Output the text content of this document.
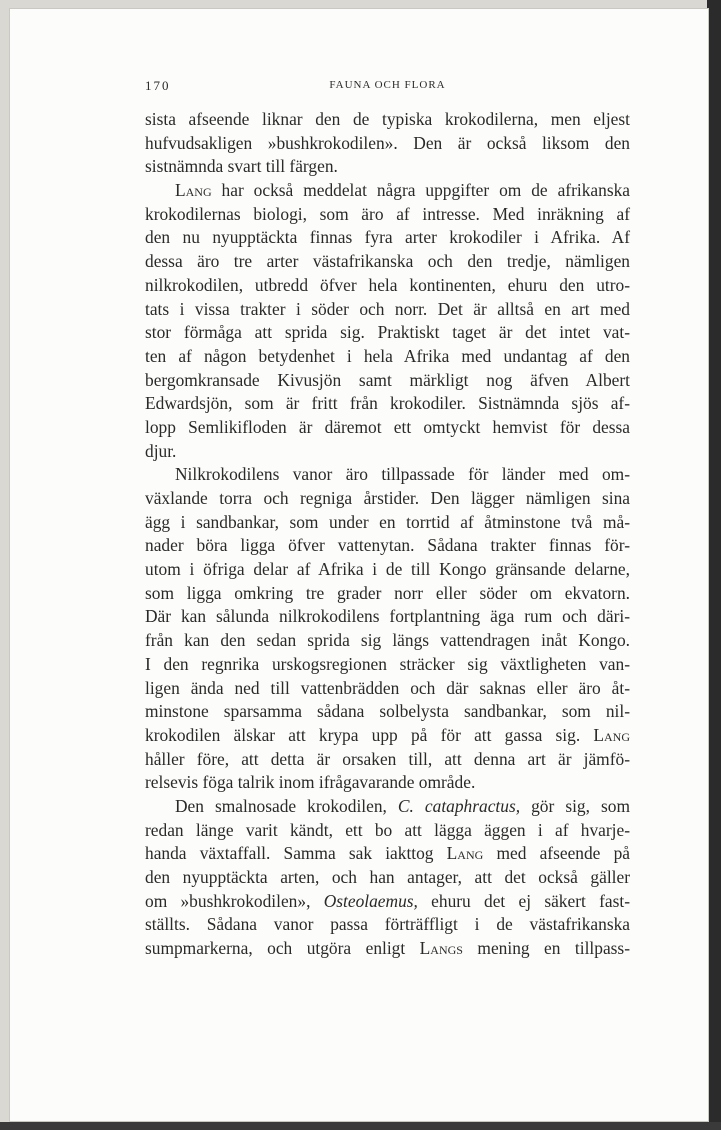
170	FAUNA OCH FLORA
sista afseende liknar den de typiska krokodilerna, men eljest
hufvudsakligen »bushkrokodilen». Den är också liksom den
sistnämnda svart till färgen.
Lang har också meddelat några uppgifter om de afrikanska
krokodilernas biologi, som äro af intresse. Med inräkning af
den nu nyupptäckta finnas fyra arter krokodiler i Afrika. Af
dessa äro tre arter västafrikanska och den tredje, nämligen
nilkrokodilen, utbredd öfver hela kontinenten, ehuru den utro-
tats i vissa trakter i söder och norr. Det är alltså en art med
stor förmåga att sprida sig. Praktiskt taget är det intet vat-
ten af någon betydenhet i hela Afrika med undantag af den
bergomkransade Kivusjön samt märkligt nog äfven Albert
Edwardsjön, som är fritt från krokodiler. Sistnämnda sjös af-
lopp Semlikifloden är däremot ett omtyckt hemvist för dessa
djur.
Nilkrokodilens vanor äro tillpassade för länder med om-
växlande torra och regniga årstider. Den lägger nämligen sina
ägg i sandbankar, som under en torrtid af åtminstone två må-
nader böra ligga öfver vattenytan. Sådana trakter finnas för-
utom i öfriga delar af Afrika i de till Kongo gränsande delarne,
som ligga omkring tre grader norr eller söder om ekvatorn.
Där kan sålunda nilkrokodilens fortplantning äga rum och däri-
från kan den sedan sprida sig längs vattendragen inåt Kongo.
I den regnrika urskogsregionen sträcker sig växtligheten van-
ligen ända ned till vattenbrädden och där saknas eller äro åt-
minstone sparsamma sådana solbelysta sandbankar, som nil-
krokodilen älskar att krypa upp på för att gassa sig. Lang
håller före, att detta är orsaken till, att denna art är jämfö-
relsevis föga talrik inom ifrågavarande område.
Den smalnosade krokodilen, C. cataphractus, gör sig, som
redan länge varit kändt, ett bo att lägga äggen i af hvarje-
handa växtaffall. Samma sak iakttog Lang med afseende på
den nyupptäckta arten, och han antager, att det också gäller
om »bushkrokodilen», Osteolaemus, ehuru det ej säkert fast-
ställts. Sådana vanor passa förträffligt i de västafrikanska
sumpmarkerna, och utgöra enligt Langs mening en tillpass-
